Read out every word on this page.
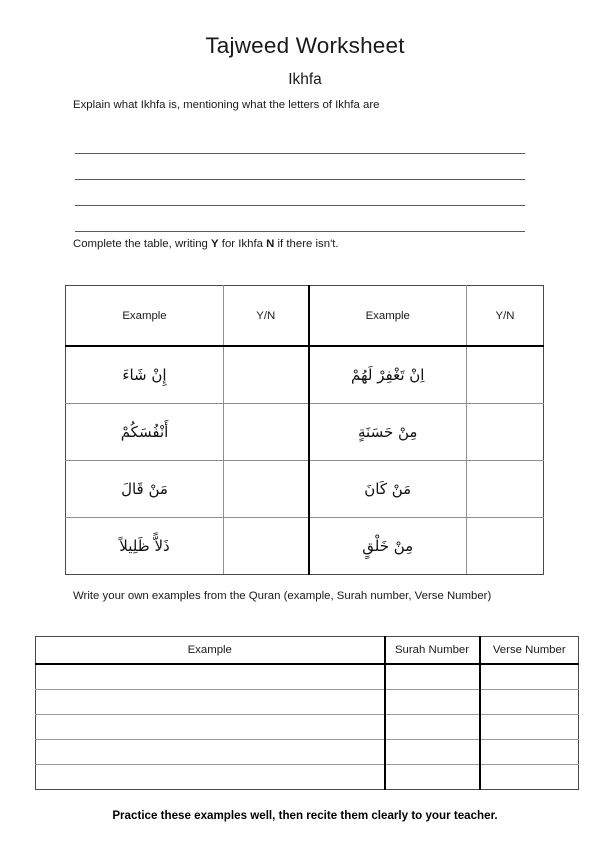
Tajweed Worksheet
Ikhfa
Explain what Ikhfa is, mentioning what the letters of Ikhfa are
Complete the table, writing Y for Ikhfa N if there isn't.
Example	Y/N	Example	Y/N
إِنْ شَاءَ		اِنْ تَغْفِرْ لَهُمْ	
أَنْفُسَكُمْ		مِنْ حَسَنَةٍ	
مَنْ قَالَ		مَنْ كَانَ	
ذَلاًّ ظَلِيلاً		مِنْ خَلْقٍ	
Write your own examples from the Quran (example, Surah number, Verse Number)
Example	Surah Number	Verse Number

Practice these examples well, then recite them clearly to your teacher.
